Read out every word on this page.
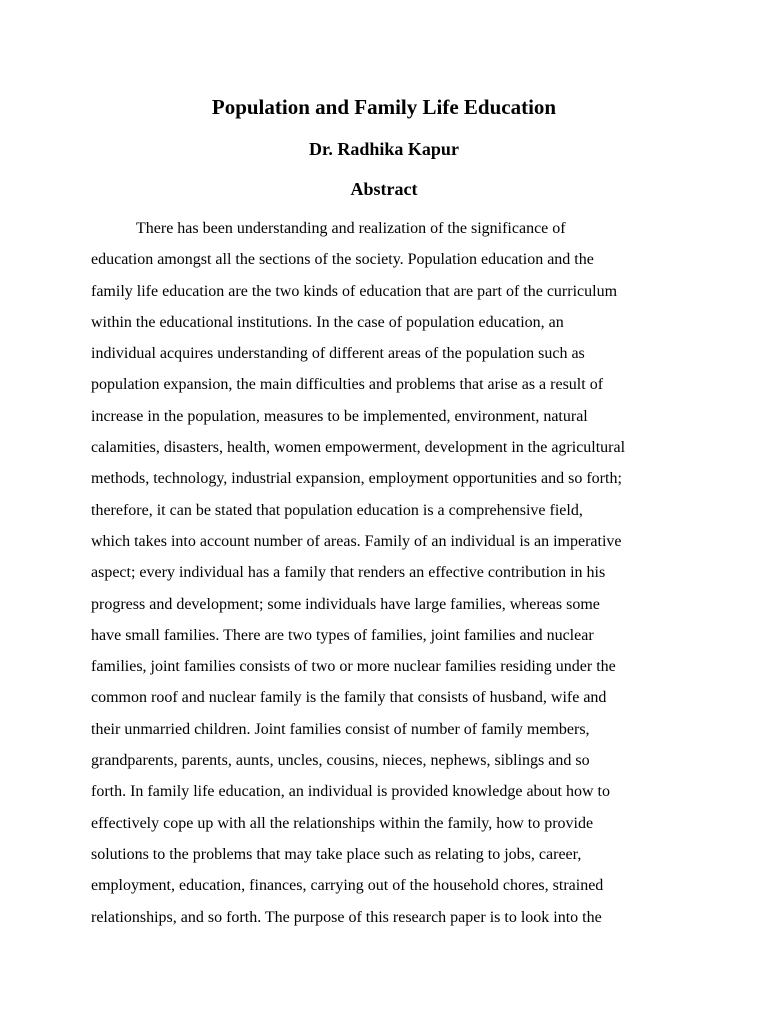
Population and Family Life Education
Dr. Radhika Kapur
Abstract
There has been understanding and realization of the significance of
education amongst all the sections of the society. Population education and the
family life education are the two kinds of education that are part of the curriculum
within the educational institutions. In the case of population education, an
individual acquires understanding of different areas of the population such as
population expansion, the main difficulties and problems that arise as a result of
increase in the population, measures to be implemented, environment, natural
calamities, disasters, health, women empowerment, development in the agricultural
methods, technology, industrial expansion, employment opportunities and so forth;
therefore, it can be stated that population education is a comprehensive field,
which takes into account number of areas. Family of an individual is an imperative
aspect; every individual has a family that renders an effective contribution in his
progress and development; some individuals have large families, whereas some
have small families. There are two types of families, joint families and nuclear
families, joint families consists of two or more nuclear families residing under the
common roof and nuclear family is the family that consists of husband, wife and
their unmarried children. Joint families consist of number of family members,
grandparents, parents, aunts, uncles, cousins, nieces, nephews, siblings and so
forth. In family life education, an individual is provided knowledge about how to
effectively cope up with all the relationships within the family, how to provide
solutions to the problems that may take place such as relating to jobs, career,
employment, education, finances, carrying out of the household chores, strained
relationships, and so forth. The purpose of this research paper is to look into the
